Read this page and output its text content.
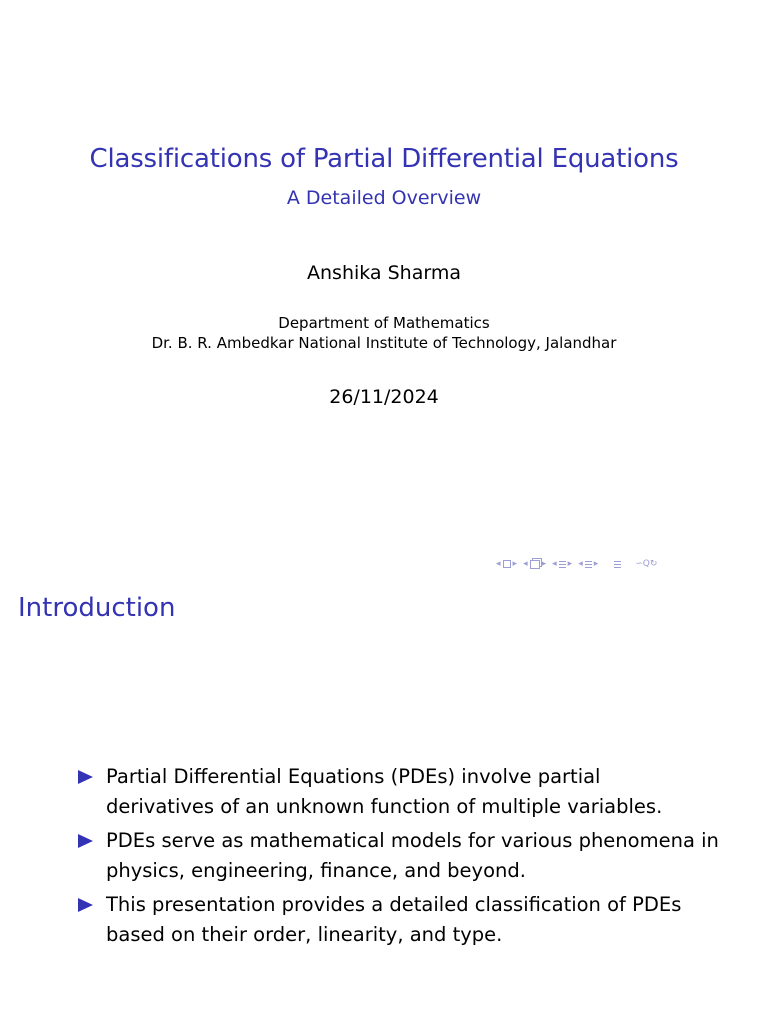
Classifications of Partial Differential Equations
A Detailed Overview
Anshika Sharma
Department of Mathematics
Dr. B. R. Ambedkar National Institute of Technology, Jalandhar
26/11/2024
◂ ▸ ◂ ▸ ◂ ▸ ◂ ▸	∽Q↻
Introduction
Partial Differential Equations (PDEs) involve partial
derivatives of an unknown function of multiple variables.
PDEs serve as mathematical models for various phenomena in
physics, engineering, finance, and beyond.
This presentation provides a detailed classification of PDEs
based on their order, linearity, and type.
